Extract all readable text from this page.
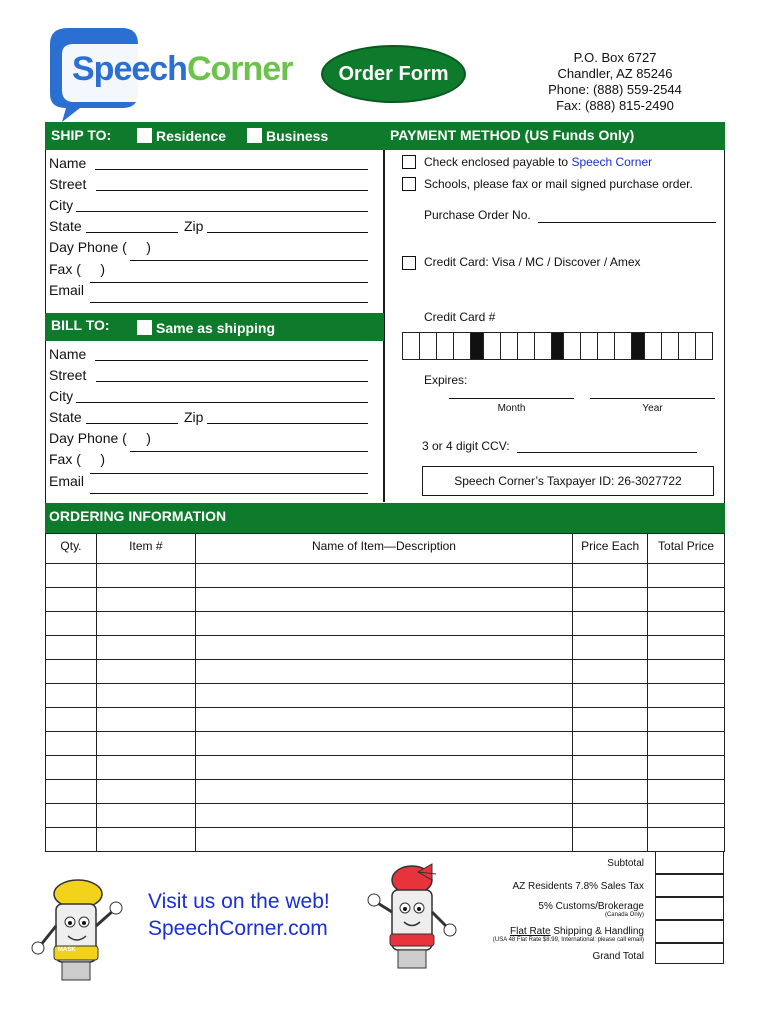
SpeechCorner Order Form
P.O. Box 6727
Chandler, AZ 85246
Phone: (888) 559-2544
Fax: (888) 815-2490
SHIP TO:	Residence	Business
Name
Street
City
State	Zip
Day Phone (     )
Fax (     )
Email
BILL TO:	Same as shipping
Name
Street
City
State	Zip
Day Phone (     )
Fax (     )
Email
PAYMENT METHOD (US Funds Only)
Check enclosed payable to Speech Corner
Schools, please fax or mail signed purchase order.
Purchase Order No.
Credit Card: Visa / MC / Discover / Amex
Credit Card #
Expires:
Month	Year
3 or 4 digit CCV:
Speech Corner’s Taxpayer ID: 26-3027722
ORDERING INFORMATION
Qty.	Item #	Name of Item—Description	Price Each	Total Price

Subtotal
AZ Residents 7.8% Sales Tax
5% Customs/Brokerage
(Canada Only)
Flat Rate Shipping & Handling
(USA 48 Flat Rate $8.99, International: please call email)
Grand Total
Visit us on the web!
SpeechCorner.com
MASK
